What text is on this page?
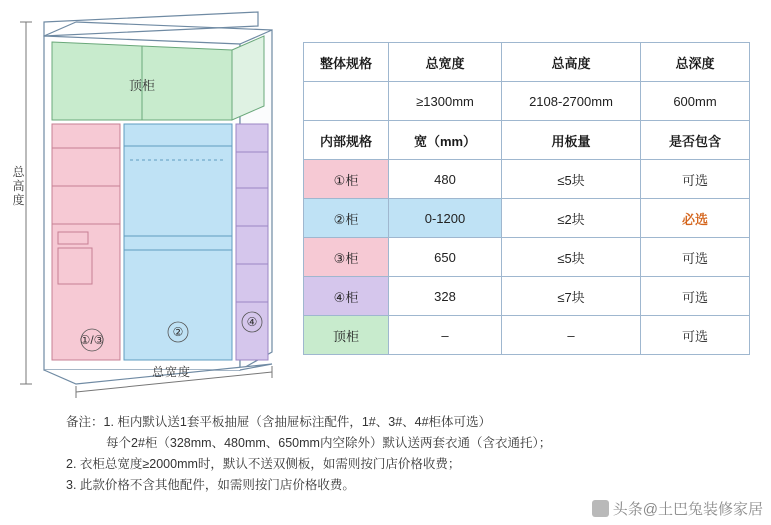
顶柜
①/③
②
④
总高度
总宽度
整体规格	总宽度	总高度	总深度
	≥1300mm	2108-2700mm	600mm
内部规格	宽（mm）	用板量	是否包含
①柜	480	≤5块	可选
②柜	0-1200	≤2块	必选
③柜	650	≤5块	可选
④柜	328	≤7块	可选
顶柜	–	–	可选
备注：1. 柜内默认送1套平板抽屉（含抽屉标注配件，1#、3#、4#柜体可选）
每个2#柜（328mm、480mm、650mm内空除外）默认送两套衣通（含衣通托）；
2. 衣柜总宽度≥2000mm时，默认不送双侧板，如需则按门店价格收费；
3. 此款价格不含其他配件，如需则按门店价格收费。
头条@土巴兔装修家居
